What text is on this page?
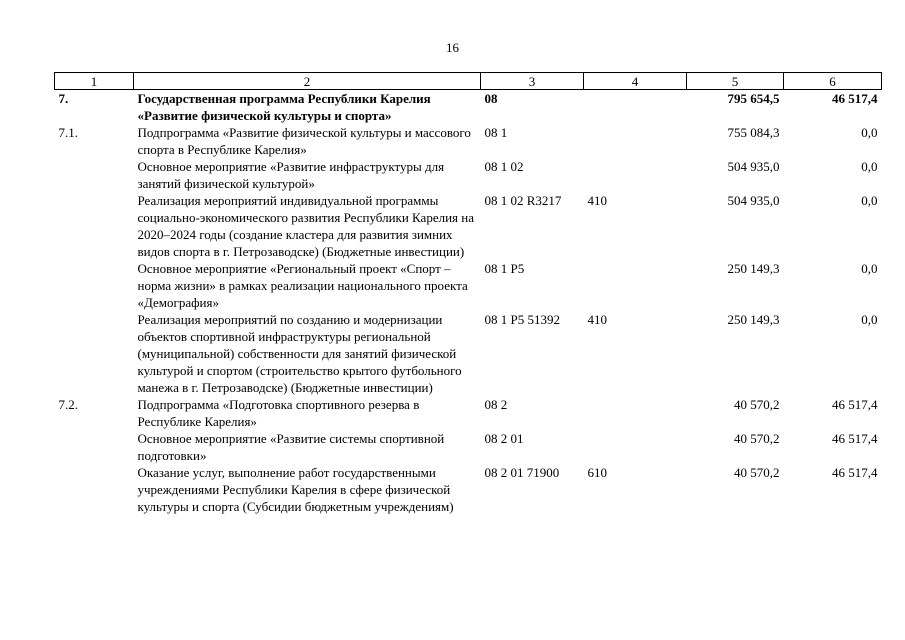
16
1	2	3	4	5	6
7.	Государственная программа Республики Карелия «Развитие физической культуры и спорта»	08		795 654,5	46 517,4
7.1.	Подпрограмма «Развитие физической культуры и массового спорта в Республике Карелия»	08 1		755 084,3	0,0
	Основное мероприятие «Развитие инфраструктуры для занятий физической культурой»	08 1 02		504 935,0	0,0
	Реализация мероприятий индивидуальной программы социально-экономического развития Республики Карелия на 2020–2024 годы (создание кластера для развития зимних видов спорта в г. Петрозаводске) (Бюджетные инвестиции)	08 1 02 R3217	410	504 935,0	0,0
	Основное мероприятие «Региональный проект «Спорт – норма жизни» в рамках реализации национального проекта «Демография»	08 1 P5		250 149,3	0,0
	Реализация мероприятий по созданию и модернизации объектов спортивной инфраструктуры региональной (муниципальной) собственности для занятий физической культурой и спортом (строительство крытого футбольного манежа в г. Петрозаводске) (Бюджетные инвестиции)	08 1 P5 51392	410	250 149,3	0,0
7.2.	Подпрограмма «Подготовка спортивного резерва в Республике Карелия»	08 2		40 570,2	46 517,4
	Основное мероприятие «Развитие системы спортивной подготовки»	08 2 01		40 570,2	46 517,4
	Оказание услуг, выполнение работ государственными учреждениями Республики Карелия в сфере физической культуры и спорта (Субсидии бюджетным учреждениям)	08 2 01 71900	610	40 570,2	46 517,4
